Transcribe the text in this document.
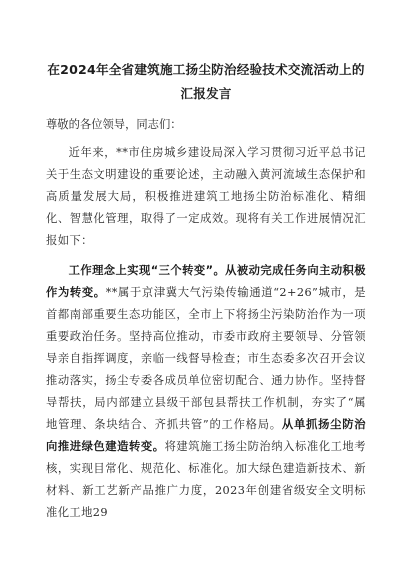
在2024年全省建筑施工扬尘防治经验技术交流活动上的汇报发言
尊敬的各位领导，同志们：
近年来，**市住房城乡建设局深入学习贯彻习近平总书记关于生态文明建设的重要论述，主动融入黄河流域生态保护和高质量发展大局，积极推进建筑工地扬尘防治标准化、精细化、智慧化管理，取得了一定成效。现将有关工作进展情况汇报如下：
工作理念上实现“三个转变”。从被动完成任务向主动积极作为转变。**属于京津冀大气污染传输通道“2+26”城市，是首都南部重要生态功能区，全市上下将扬尘污染防治作为一项重要政治任务。坚持高位推动，市委市政府主要领导、分管领导亲自指挥调度，亲临一线督导检查；市生态委多次召开会议推动落实，扬尘专委各成员单位密切配合、通力协作。坚持督导帮扶，局内部建立县级干部包县帮扶工作机制，夯实了“属地管理、条块结合、齐抓共管”的工作格局。从单抓扬尘防治向推进绿色建造转变。将建筑施工扬尘防治纳入标准化工地考核，实现目常化、规范化、标准化。加大绿色建造新技术、新材料、新工艺新产品推广力度，2023年创建省级安全文明标准化工地29
